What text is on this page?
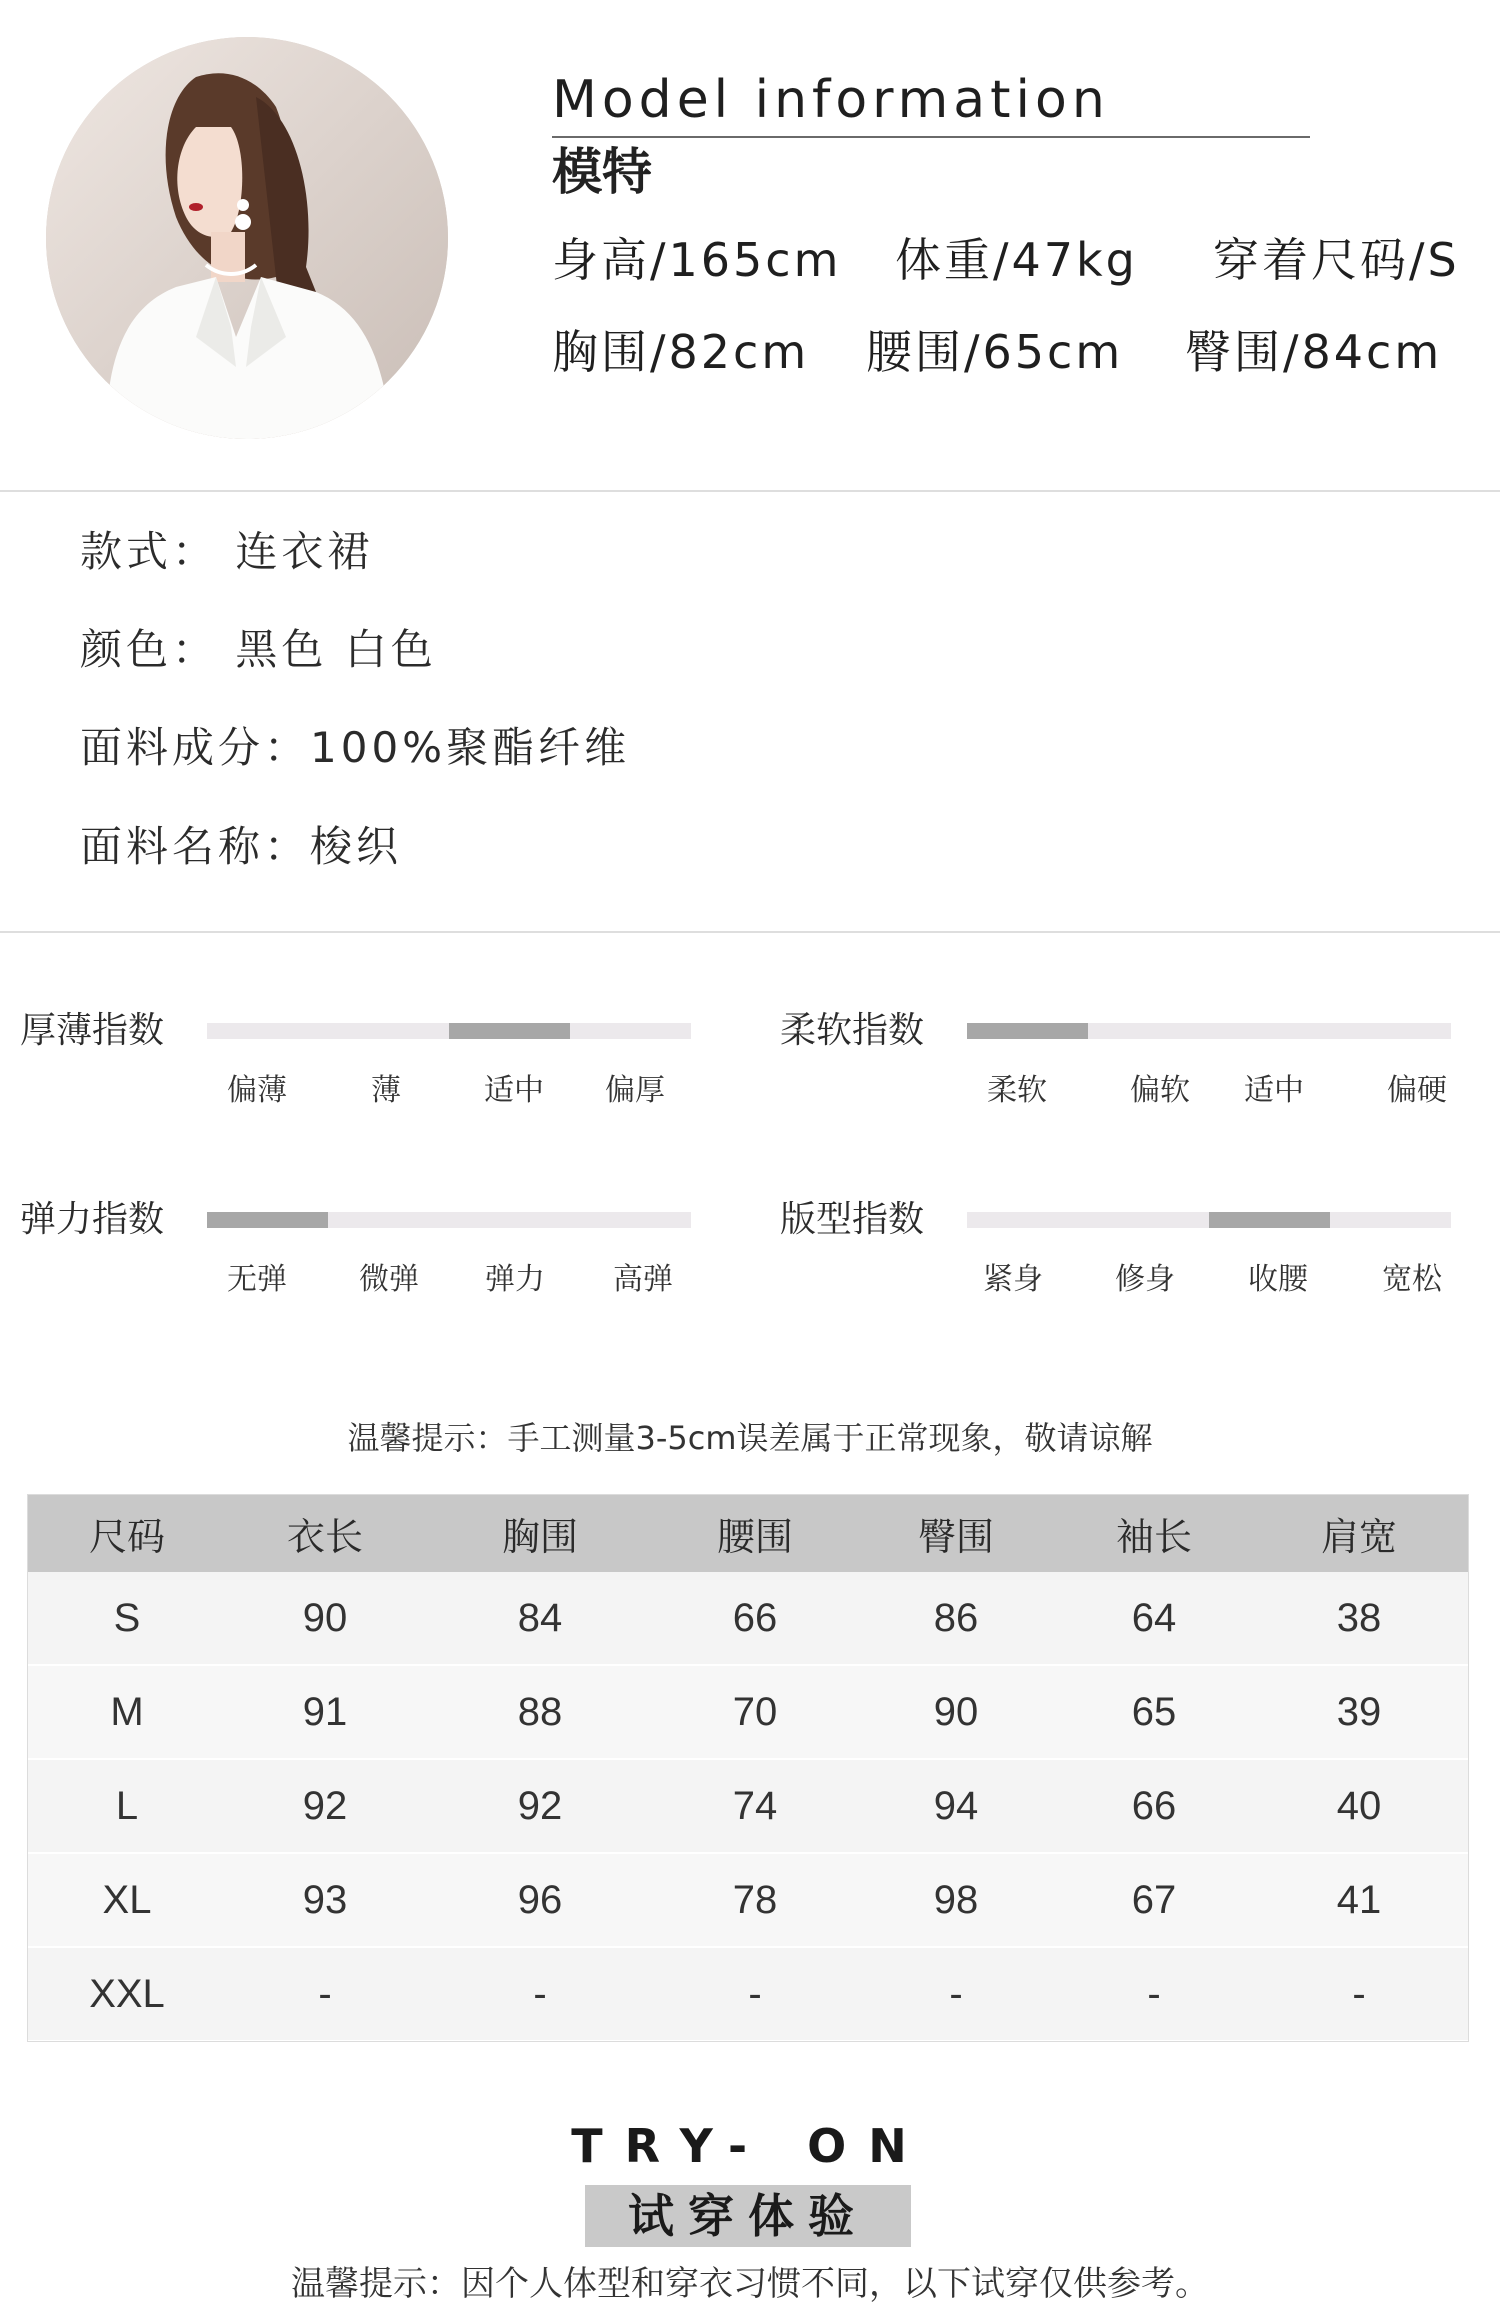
Model information
模特
身高/165cm 体重/47kg 穿着尺码/S
胸围/82cm 腰围/65cm 臀围/84cm
款式： 连衣裙
颜色： 黑色 白色
面料成分：100%聚酯纤维
面料名称：梭织
厚薄指数
偏薄	薄	适中	偏厚
柔软指数
柔软	偏软	适中	偏硬
弹力指数
无弹	微弹	弹力	高弹
版型指数
紧身	修身	收腰	宽松
温馨提示：手工测量3-5cm误差属于正常现象，敬请谅解
尺码	衣长	胸围	腰围	臀围	袖长	肩宽
S	90	84	66	86	64	38
M	91	88	70	90	65	39
L	92	92	74	94	66	40
XL	93	96	78	98	67	41
XXL	-	-	-	-	-	-
TRY- ON
试穿体验
温馨提示：因个人体型和穿衣习惯不同，以下试穿仅供参考。
